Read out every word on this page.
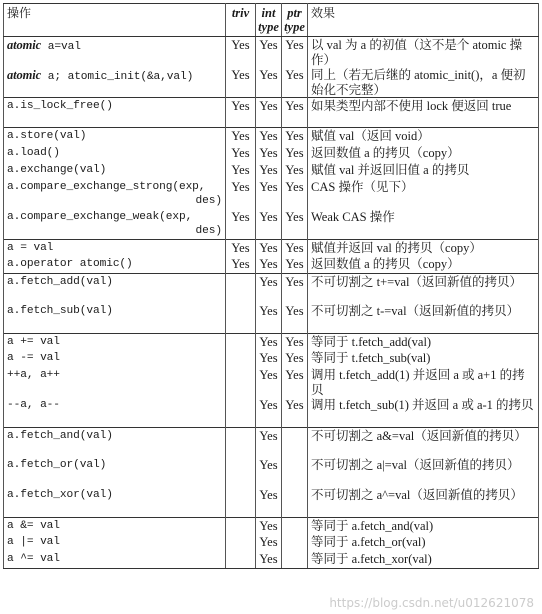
操作	triv	int type	ptr type	效果
atomic a=val	Yes	Yes	Yes	以 val 为 a 的初值（这不是个 atomic 操作）
atomic a; atomic_init(&a,val)	Yes	Yes	Yes	同上（若无后继的 atomic_init()，a 便初始化不完整）
a.is_lock_free()	Yes	Yes	Yes	如果类型内部不使用 lock 便返回 true
a.store(val)	Yes	Yes	Yes	赋值 val（返回 void）
a.load()	Yes	Yes	Yes	返回数值 a 的拷贝（copy）
a.exchange(val)	Yes	Yes	Yes	赋值 val 并返回旧值 a 的拷贝
a.compare_exchange_strong(exp,
des)	Yes	Yes	Yes	CAS 操作（见下）
a.compare_exchange_weak(exp,
des)	Yes	Yes	Yes	Weak CAS 操作
a = val	Yes	Yes	Yes	赋值并返回 val 的拷贝（copy）
a.operator atomic()	Yes	Yes	Yes	返回数值 a 的拷贝（copy）
a.fetch_add(val)		Yes	Yes	不可切割之 t+=val（返回新值的拷贝）
a.fetch_sub(val)		Yes	Yes	不可切割之 t-=val（返回新值的拷贝）
a += val		Yes	Yes	等同于 t.fetch_add(val)
a -= val		Yes	Yes	等同于 t.fetch_sub(val)
++a, a++		Yes	Yes	调用 t.fetch_add(1) 并返回 a 或 a+1 的拷贝
--a, a--		Yes	Yes	调用 t.fetch_sub(1) 并返回 a 或 a-1 的拷贝
a.fetch_and(val)		Yes		不可切割之 a&=val（返回新值的拷贝）
a.fetch_or(val)		Yes		不可切割之 a|=val（返回新值的拷贝）
a.fetch_xor(val)		Yes		不可切割之 a^=val（返回新值的拷贝）
a &= val		Yes		等同于 a.fetch_and(val)
a |= val		Yes		等同于 a.fetch_or(val)
a ^= val		Yes		等同于 a.fetch_xor(val)
https://blog.csdn.net/u012621078
